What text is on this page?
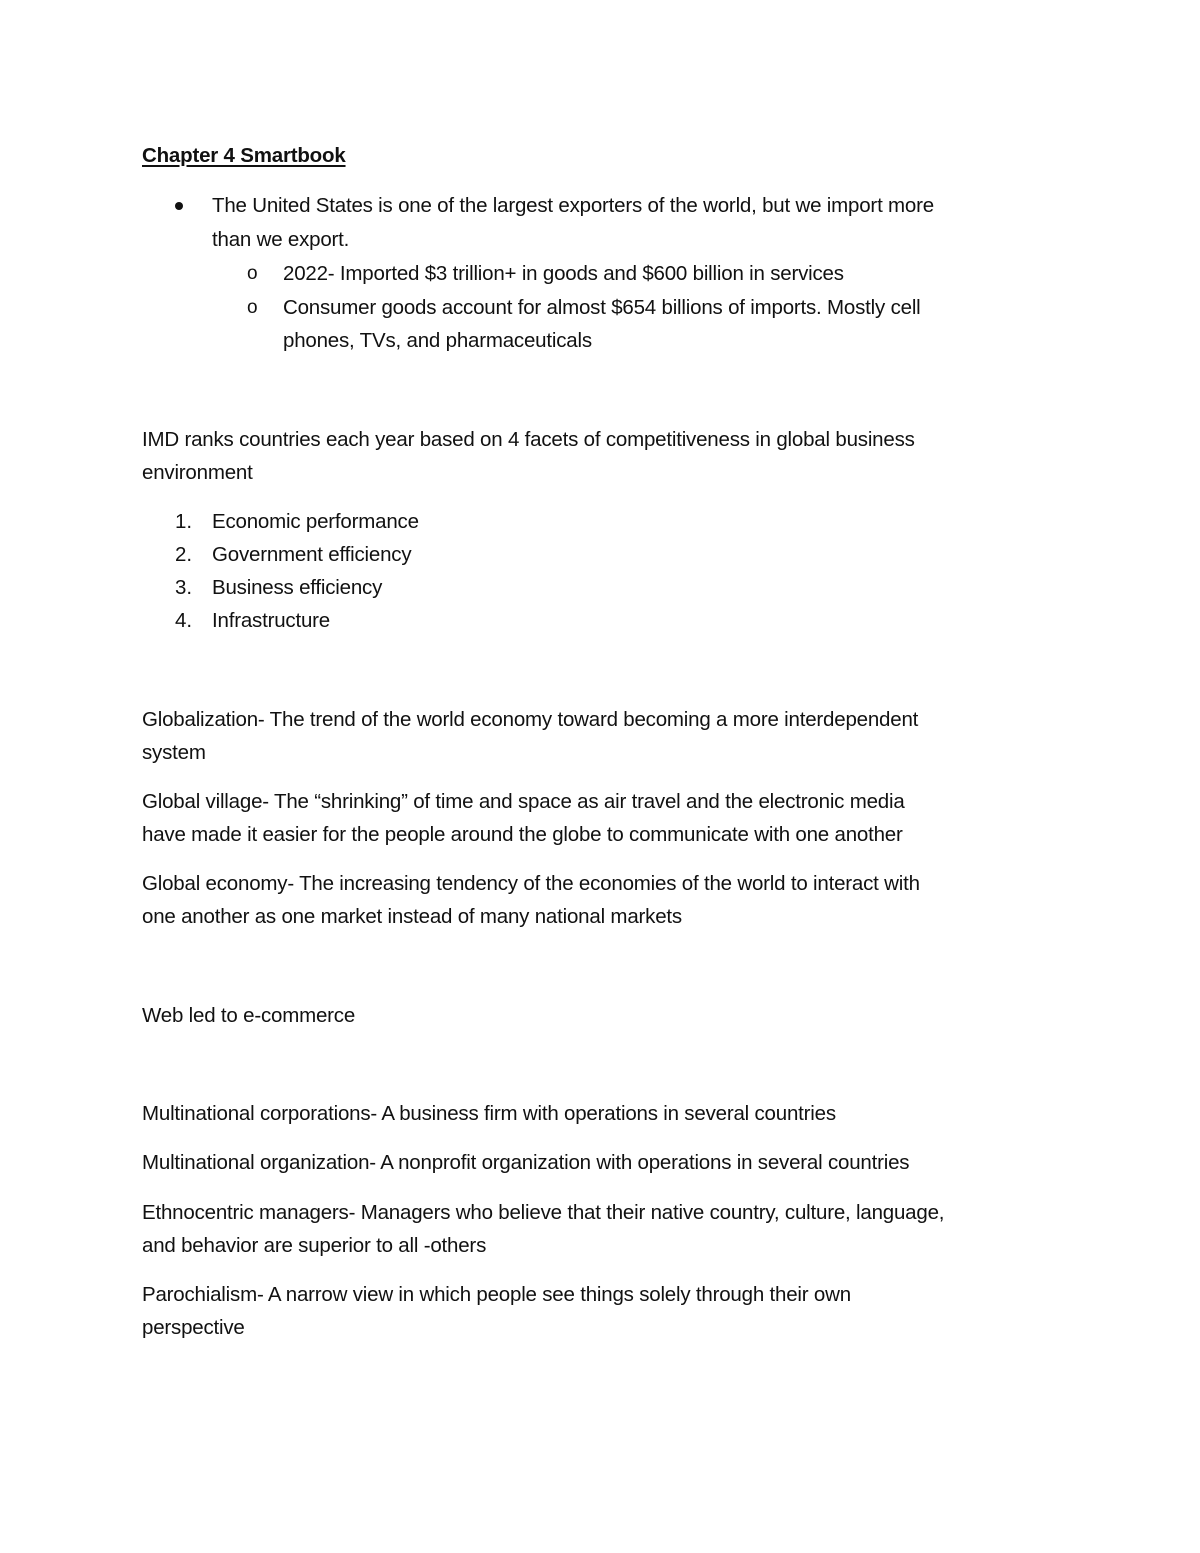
Chapter 4 Smartbook
The United States is one of the largest exporters of the world, but we import more
than we export.
o 2022- Imported $3 trillion+ in goods and $600 billion in services
o Consumer goods account for almost $654 billions of imports. Mostly cell
phones, TVs, and pharmaceuticals
IMD ranks countries each year based on 4 facets of competitiveness in global business
environment
1. Economic performance
2. Government efficiency
3. Business efficiency
4. Infrastructure
Globalization- The trend of the world economy toward becoming a more interdependent
system
Global village- The “shrinking” of time and space as air travel and the electronic media
have made it easier for the people around the globe to communicate with one another
Global economy- The increasing tendency of the economies of the world to interact with
one another as one market instead of many national markets
Web led to e-commerce
Multinational corporations- A business firm with operations in several countries
Multinational organization- A nonprofit organization with operations in several countries
Ethnocentric managers- Managers who believe that their native country, culture, language,
and behavior are superior to all -others
Parochialism- A narrow view in which people see things solely through their own
perspective
